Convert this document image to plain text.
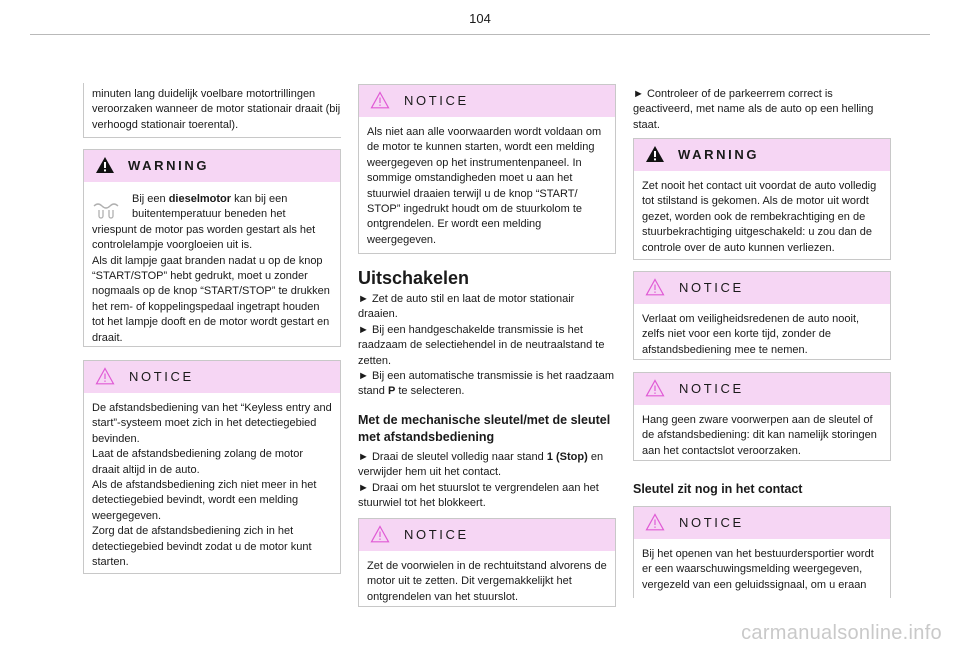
104
minuten lang duidelijk voelbare motortrillingen veroorzaken wanneer de motor stationair draait (bij verhoogd stationair toerental).
WARNING
Bij een dieselmotor kan bij een buitentemperatuur beneden het vriespunt de motor pas worden gestart als het controlelampje voorgloeien uit is.
Als dit lampje gaat branden nadat u op de knop “START/STOP” hebt gedrukt, moet u zonder nogmaals op de knop “START/STOP” te drukken het rem- of koppelingspedaal ingetrapt houden tot het lampje dooft en de motor wordt gestart en draait.
NOTICE
De afstandsbediening van het “Keyless entry and start”-systeem moet zich in het detectiegebied bevinden.
Laat de afstandsbediening zolang de motor draait altijd in de auto.
Als de afstandsbediening zich niet meer in het detectiegebied bevindt, wordt een melding weergegeven.
Zorg dat de afstandsbediening zich in het detectiegebied bevindt zodat u de motor kunt starten.
NOTICE
Als niet aan alle voorwaarden wordt voldaan om de motor te kunnen starten, wordt een melding weergegeven op het instrumentenpaneel. In sommige omstandigheden moet u aan het stuurwiel draaien terwijl u de knop “START/ STOP” ingedrukt houdt om de stuurkolom te ontgrendelen. Er wordt een melding weergegeven.
Uitschakelen
► Zet de auto stil en laat de motor stationair draaien.
► Bij een handgeschakelde transmissie is het raadzaam de selectiehendel in de neutraalstand te zetten.
► Bij een automatische transmissie is het raadzaam stand P te selecteren.
Met de mechanische sleutel/met de sleutel met afstandsbediening
► Draai de sleutel volledig naar stand 1 (Stop) en verwijder hem uit het contact.
► Draai om het stuurslot te vergrendelen aan het stuurwiel tot het blokkeert.
NOTICE
Zet de voorwielen in de rechtuitstand alvorens de motor uit te zetten. Dit vergemakkelijkt het ontgrendelen van het stuurslot.
► Controleer of de parkeerrem correct is geactiveerd, met name als de auto op een helling staat.
WARNING
Zet nooit het contact uit voordat de auto volledig tot stilstand is gekomen. Als de motor uit wordt gezet, worden ook de rembekrachtiging en de stuurbekrachtiging uitgeschakeld: u zou dan de controle over de auto kunnen verliezen.
NOTICE
Verlaat om veiligheidsredenen de auto nooit, zelfs niet voor een korte tijd, zonder de afstandsbediening mee te nemen.
NOTICE
Hang geen zware voorwerpen aan de sleutel of de afstandsbediening: dit kan namelijk storingen aan het contactslot veroorzaken.
Sleutel zit nog in het contact
NOTICE
Bij het openen van het bestuurdersportier wordt er een waarschuwingsmelding weergegeven, vergezeld van een geluidssignaal, om u eraan
carmanualsonline.info
